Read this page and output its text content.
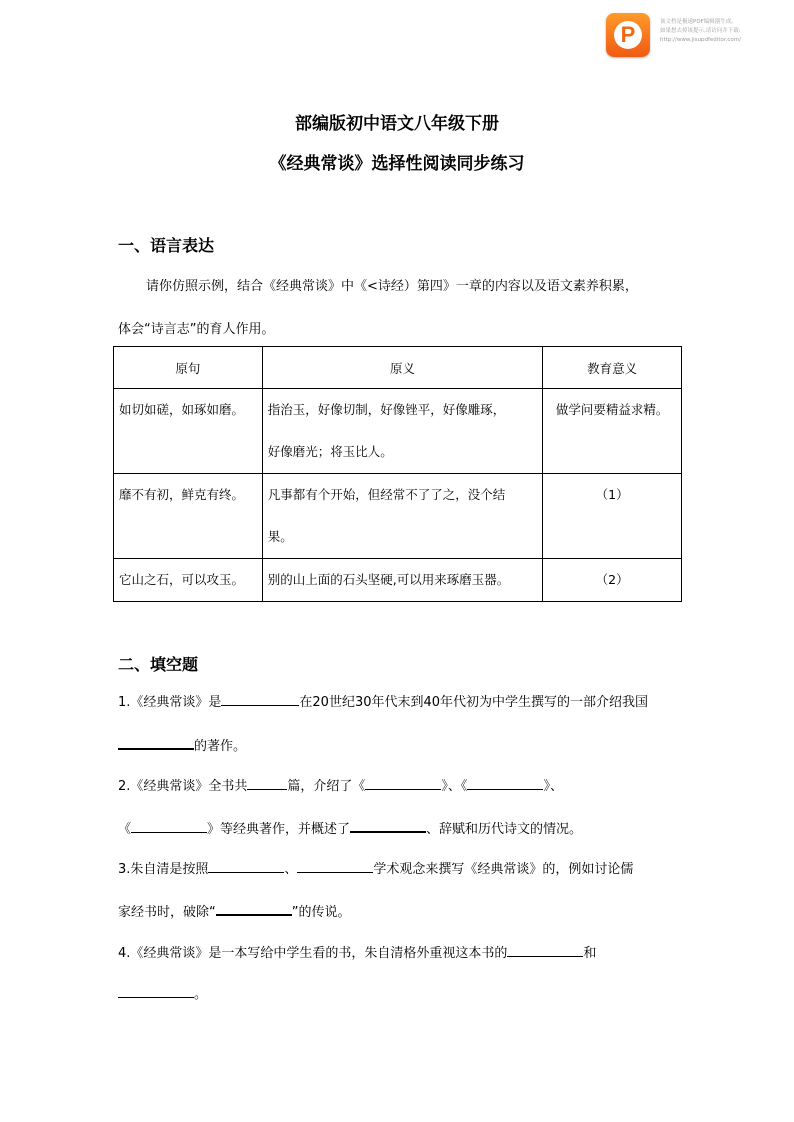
P	该文档是极速PDF编辑器生成,
如果想去掉该提示,请访问并下载:
http://www.jisupdfeditor.com/
部编版初中语文八年级下册
《经典常谈》选择性阅读同步练习
一、语言表达
请你仿照示例，结合《经典常谈》中《<诗经）第四》一章的内容以及语文素养积累，
体会“诗言志”的育人作用。
原句	原义	教育意义

如切如磋，如琢如磨。	指治玉，好像切制，好像锉平，好像雕琢，
好像磨光；将玉比人。	做学问要精益求精。

靡不有初，鲜克有终。	凡事都有个开始，但经常不了了之，没个结
果。	（1）

它山之石，可以攻玉。	别的山上面的石头坚硬,可以用来琢磨玉器。	（2）
二、填空题
1.《经典常谈》是	在20世纪30年代末到40年代初为中学生撰写的一部介绍我国
的著作。
2.《经典常谈》全书共	篇，介绍了《	》、《	》、
《	》等经典著作，并概述了	、辞赋和历代诗文的情况。
3.朱自清是按照	、	学术观念来撰写《经典常谈》的，例如讨论儒
家经书时，破除“	”的传说。
4.《经典常谈》是一本写给中学生看的书，朱自清格外重视这本书的	和
。
